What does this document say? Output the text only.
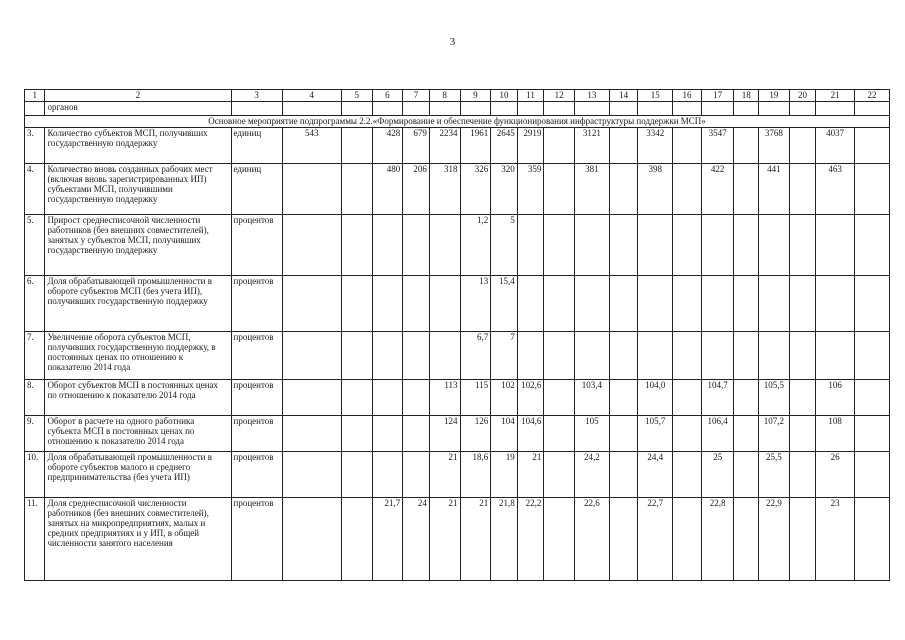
3
1	2	3	4	5	6	7	8	9	10	11	12	13	14	15	16	17	18	19	20	21	22
	органов																				
Основное мероприятие подпрограммы 2.2.«Формирование и обеспечение функционирования инфраструктуры поддержки МСП»																					
3.	Количество субъектов МСП, получивших государственную поддержку	единиц	543		428	679	2234	1961	2645	2919		3121		3342		3547		3768		4037	
4.	Количество вновь созданных рабочих мест (включая вновь зарегистрированных ИП) субъектами МСП, получившими государственную поддержку	единиц			480	206	318	326	320	359		381		398		422		441		463	
5.	Прирост среднесписочной численности работников (без внешних совместителей), занятых у субъектов МСП, получивших государственную поддержку	процентов						1,2	5												
6.	Доля обрабатывающей промышленности в обороте субъектов МСП (без учета ИП), получивших государственную поддержку	процентов						13	15,4												
7.	Увеличение оборота субъектов МСП, получивших государственную поддержку, в постоянных ценах по отношению к показателю 2014 года	процентов						6,7	7												
8.	Оборот субъектов МСП в постоянных ценах по отношению к показателю 2014 года	процентов					113	115	102	102,6		103,4		104,0		104,7		105,5		106	
9.	Оборот в расчете на одного работника субъекта МСП в постоянных ценах по отношению к показателю 2014 года	процентов					124	126	104	104,6		105		105,7		106,4		107,2		108	
10.	Доля обрабатывающей промышленности в обороте субъектов малого и среднего предпринимательства (без учета ИП)	процентов					21	18,6	19	21		24,2		24,4		25		25,5		26	
11.	Доля среднесписочной численности работников (без внешних совместителей), занятых на микропредприятиях, малых и средних предприятиях и у ИП, в общей численности занятого населения	процентов			21,7	24	21	21	21,8	22,2		22,6		22,7		22,8		22,9		23	
